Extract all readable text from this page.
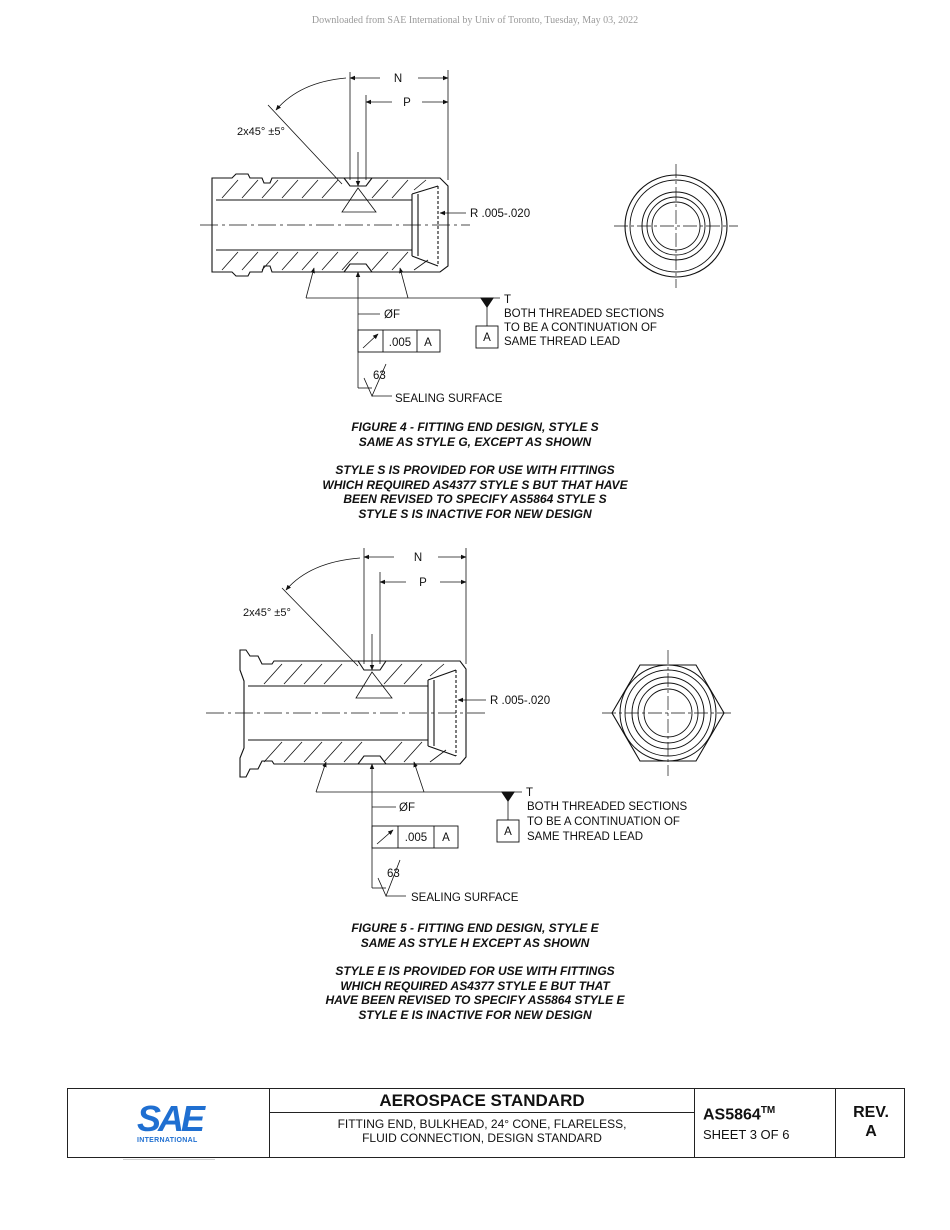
Downloaded from SAE International by Univ of Toronto, Tuesday, May 03, 2022
N
P
2x45° ±5°
R .005-.020
T
BOTH THREADED SECTIONS
TO BE A CONTINUATION OF
SAME THREAD LEAD
A
ØF
.005 A
63
SEALING SURFACE
N
P
2x45° ±5°
R .005-.020
T
BOTH THREADED SECTIONS
TO BE A CONTINUATION OF
SAME THREAD LEAD
A
ØF
.005 A
63
SEALING SURFACE
FIGURE 4 - FITTING END DESIGN, STYLE S
SAME AS STYLE G, EXCEPT AS SHOWN
STYLE S IS PROVIDED FOR USE WITH FITTINGS
WHICH REQUIRED AS4377 STYLE S BUT THAT HAVE
BEEN REVISED TO SPECIFY AS5864 STYLE S
STYLE S IS INACTIVE FOR NEW DESIGN
FIGURE 5 - FITTING END DESIGN, STYLE E
SAME AS STYLE H EXCEPT AS SHOWN
STYLE E IS PROVIDED FOR USE WITH FITTINGS
WHICH REQUIRED AS4377 STYLE E BUT THAT
HAVE BEEN REVISED TO SPECIFY AS5864 STYLE E
STYLE E IS INACTIVE FOR NEW DESIGN
SAE
INTERNATIONAL
AEROSPACE STANDARD
FITTING END, BULKHEAD, 24° CONE, FLARELESS,
FLUID CONNECTION, DESIGN STANDARD
AS5864™
SHEET 3 OF 6
REV.
A
